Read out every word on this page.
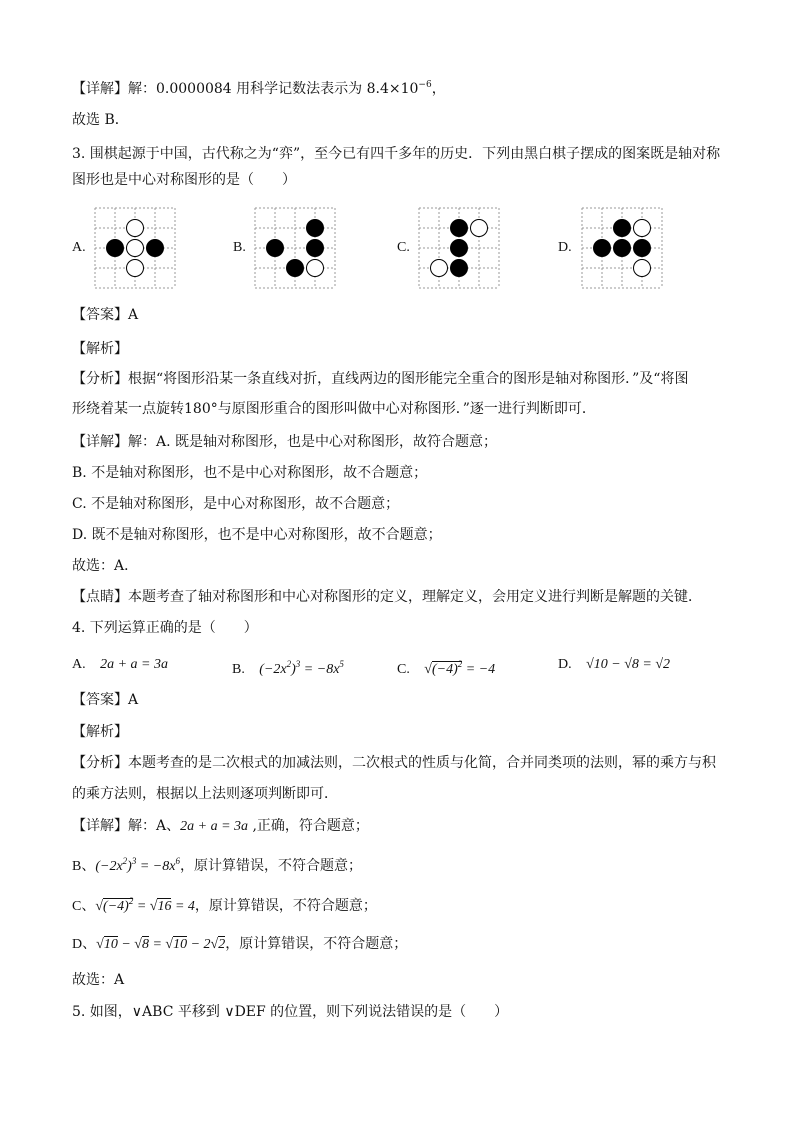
【详解】解：0.0000084 用科学记数法表示为 $8.4\times 10^{-6}$，
故选 B．
3. 围棋起源于中国，古代称之为“弈”，至今已有四千多年的历史．下列由黑白棋子摆成的图案既是轴对称
图形也是中心对称图形的是（　　）
A.	B.	C.	D.
【答案】A
【解析】
【分析】根据“将图形沿某一条直线对折，直线两边的图形能完全重合的图形是轴对称图形．”及“将图
形绕着某一点旋转180°与原图形重合的图形叫做中心对称图形．”逐一进行判断即可．
【详解】解：A. 既是轴对称图形，也是中心对称图形，故符合题意；
B. 不是轴对称图形，也不是中心对称图形，故不合题意；
C. 不是轴对称图形，是中心对称图形，故不合题意；
D. 既不是轴对称图形，也不是中心对称图形，故不合题意；
故选：A．
【点睛】本题考查了轴对称图形和中心对称图形的定义，理解定义，会用定义进行判断是解题的关键．
4. 下列运算正确的是（　　）
A. 2a + a = 3a	B. $(-2x^2)^3 = -8x^5$	C. $√(-4)^2 = -4$	D. √10 − √8 = √2
【答案】A
【解析】
【分析】本题考查的是二次根式的加减法则，二次根式的性质与化简，合并同类项的法则，幂的乘方与积
的乘方法则，根据以上法则逐项判断即可．
【详解】解：A、2a + a = 3a ,正确，符合题意；
B、$(-2x^2)^3 = -8x^6$，原计算错误，不符合题意；
C、$√(-4)^2 = √16 = 4$，原计算错误，不符合题意；
D、√10 − √8 = √10 − 2√2，原计算错误，不符合题意；
故选：A
5. 如图，∨ABC 平移到 ∨DEF 的位置，则下列说法错误的是（　　）
